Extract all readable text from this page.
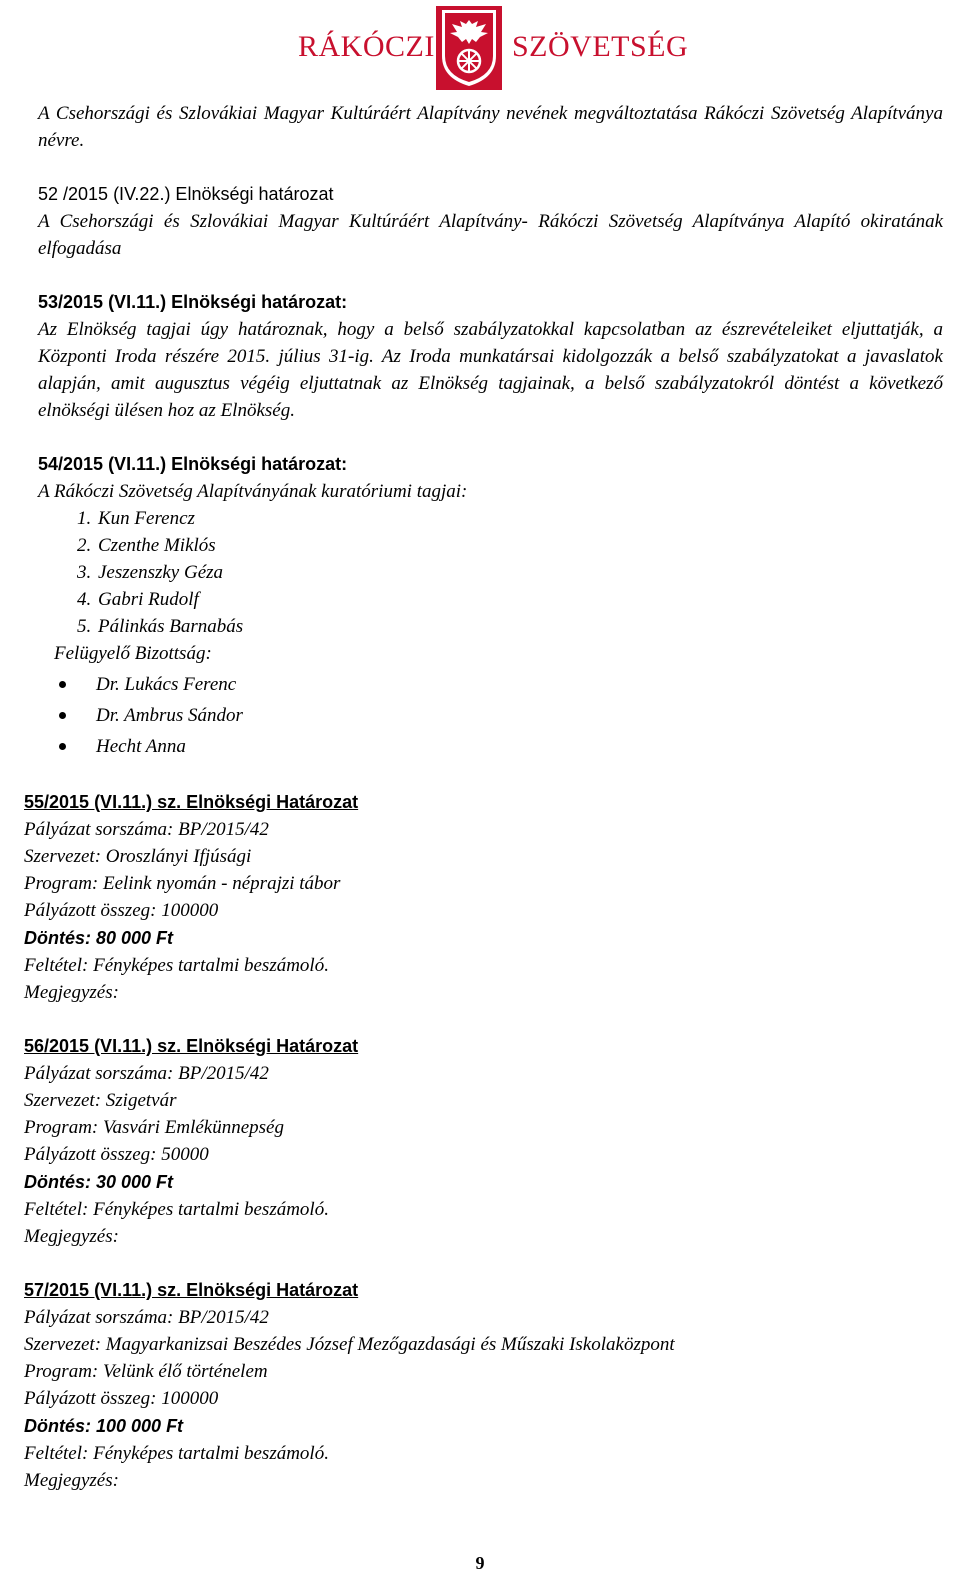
RÁKÓCZI	SZÖVETSÉG

A Csehországi és Szlovákiai Magyar Kultúráért Alapítvány nevének megváltoztatása Rákóczi Szövetség Alapítványa névre.

52 /2015 (IV.22.) Elnökségi határozat

A Csehországi és Szlovákiai Magyar Kultúráért Alapítvány- Rákóczi Szövetség Alapítványa Alapító okiratának elfogadása

53/2015 (VI.11.) Elnökségi határozat:

Az Elnökség tagjai úgy határoznak, hogy a belső szabályzatokkal kapcsolatban az észrevételeiket eljuttatják, a Központi Iroda részére 2015. július 31-ig. Az Iroda munkatársai kidolgozzák a belső szabályzatokat a javaslatok alapján, amit augusztus végéig eljuttatnak az Elnökség tagjainak, a belső szabályzatokról döntést a következő elnökségi ülésen hoz az Elnökség.

54/2015 (VI.11.) Elnökségi határozat:

A Rákóczi Szövetség Alapítványának kuratóriumi tagjai:

1. Kun Ferencz
2. Czenthe Miklós
3. Jeszenszky Géza
4. Gabri Rudolf
5. Pálinkás Barnabás

Felügyelő Bizottság:

Dr. Lukács Ferenc
Dr. Ambrus Sándor
Hecht Anna

55/2015 (VI.11.) sz. Elnökségi Határozat

Pályázat sorszáma: BP/2015/42

Szervezet: Oroszlányi Ifjúsági

Program: Eelink nyomán - néprajzi tábor

Pályázott összeg: 100000

Döntés: 80 000 Ft

Feltétel: Fényképes tartalmi beszámoló.

Megjegyzés:

56/2015 (VI.11.) sz. Elnökségi Határozat

Pályázat sorszáma: BP/2015/42

Szervezet: Szigetvár

Program: Vasvári Emlékünnepség

Pályázott összeg: 50000

Döntés: 30 000 Ft

Feltétel: Fényképes tartalmi beszámoló.

Megjegyzés:

57/2015 (VI.11.) sz. Elnökségi Határozat

Pályázat sorszáma: BP/2015/42

Szervezet: Magyarkanizsai Beszédes József Mezőgazdasági és Műszaki Iskolaközpont

Program: Velünk élő történelem

Pályázott összeg: 100000

Döntés: 100 000 Ft

Feltétel: Fényképes tartalmi beszámoló.

Megjegyzés:

9
